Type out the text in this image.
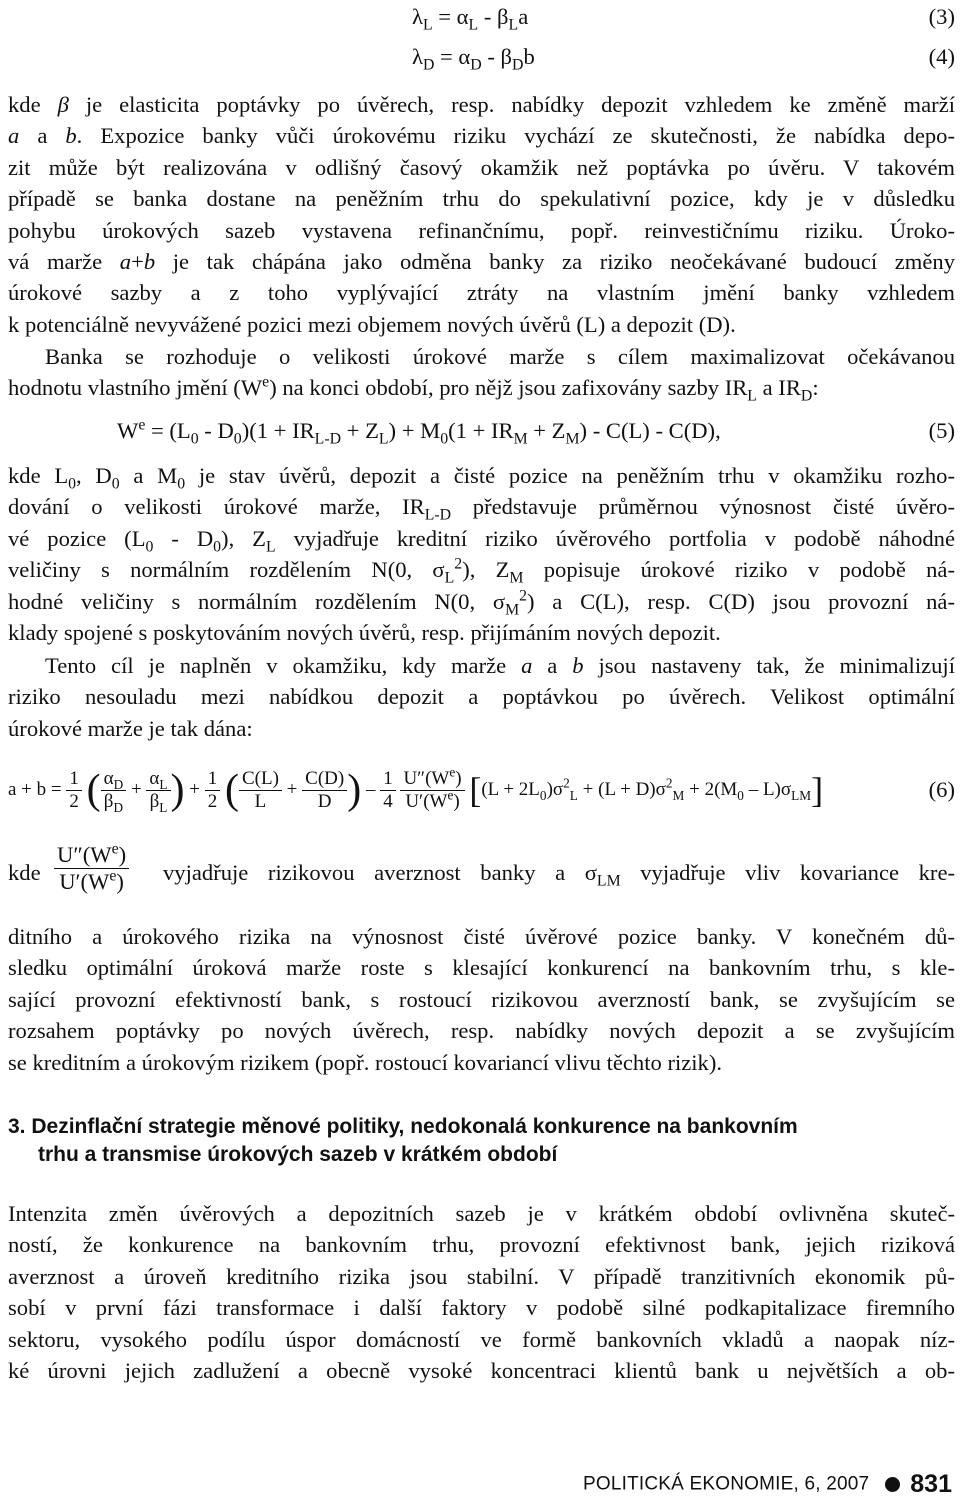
$\lambda_L = \alpha_L - \beta_La$	(3)
$\lambda_D = \alpha_D - \beta_Db$	(4)
kde β je elasticita poptávky po úvěrech, resp. nabídky depozit vzhledem ke změně marží
a a b. Expozice banky vůči úrokovému riziku vychází ze skutečnosti, že nabídka depo-
zit může být realizována v odlišný časový okamžik než poptávka po úvěru. V takovém
případě se banka dostane na peněžním trhu do spekulativní pozice, kdy je v důsledku
pohybu úrokových sazeb vystavena refinančnímu, popř. reinvestičnímu riziku. Úroko-
vá marže a+b je tak chápána jako odměna banky za riziko neočekávané budoucí změny
úrokové sazby a z toho vyplývající ztráty na vlastním jmění banky vzhledem
k potenciálně nevyvážené pozici mezi objemem nových úvěrů (L) a depozit (D).
Banka se rozhoduje o velikosti úrokové marže s cílem maximalizovat očekávanou
hodnotu vlastního jmění $(W^e)$ na konci období, pro nějž jsou zafixovány sazby $IR_L$ a $IR_D$:
$W^e = (L_0 - D_0)(1 + IR_{L-D} + Z_L) + M_0(1 + IR_M + Z_M) - C(L) - C(D)$,	(5)
kde $L_0$, $D_0$ a $M_0$ je stav úvěrů, depozit a čisté pozice na peněžním trhu v okamžiku rozho-
dování o velikosti úrokové marže, $IR_{L-D}$ představuje průměrnou výnosnost čisté úvěro-
vé pozice $(L_0 - D_0)$, $Z_L$ vyjadřuje kreditní riziko úvěrového portfolia v podobě náhodné
veličiny s normálním rozdělením N(0, $\sigma_L^2$), $Z_M$ popisuje úrokové riziko v podobě ná-
hodné veličiny s normálním rozdělením N(0, $\sigma_M^2$) a C(L), resp. C(D) jsou provozní ná-
klady spojené s poskytováním nových úvěrů, resp. přijímáním nových depozit.
Tento cíl je naplněn v okamžiku, kdy marže a a b jsou nastaveny tak, že minimalizují
riziko nesouladu mezi nabídkou depozit a poptávkou po úvěrech. Velikost optimální
úrokové marže je tak dána:
$a + b = \frac{1}{2}$ ( $\frac{\alpha_D}{\beta_D} + \frac{\alpha_L}{\beta_L}$ ) + $\frac{1}{2}$ ( $\frac{C(L)}{L} + \frac{C(D)}{D}$ ) – $\frac{1}{4}$
$\frac{U''(W^e)}{U'(W^e)} [(L + 2L_0)\sigma^2_L + (L + D)\sigma^2_M + 2(M_0 - L)\sigma_{LM}]$	(6)
kde $\frac{U''(W^e)}{U'(W^e)}$ vyjadřuje rizikovou averznost banky a $\sigma_{LM}$ vyjadřuje vliv kovariance kre-
ditního a úrokového rizika na výnosnost čisté úvěrové pozice banky. V konečném dů-
sledku optimální úroková marže roste s klesající konkurencí na bankovním trhu, s kle-
sající provozní efektivností bank, s rostoucí rizikovou averzností bank, se zvyšujícím se
rozsahem poptávky po nových úvěrech, resp. nabídky nových depozit a se zvyšujícím
se kreditním a úrokovým rizikem (popř. rostoucí kovariancí vlivu těchto rizik).
3. Dezinflační strategie měnové politiky, nedokonalá konkurence na bankovním
trhu a transmise úrokových sazeb v krátkém období
Intenzita změn úvěrových a depozitních sazeb je v krátkém období ovlivněna skuteč-
ností, že konkurence na bankovním trhu, provozní efektivnost bank, jejich riziková
averznost a úroveň kreditního rizika jsou stabilní. V případě tranzitivních ekonomik pů-
sobí v první fázi transformace i další faktory v podobě silné podkapitalizace firemního
sektoru, vysokého podílu úspor domácností ve formě bankovních vkladů a naopak níz-
ké úrovni jejich zadlužení a obecně vysoké koncentraci klientů bank u největších a ob-
POLITICKÁ EKONOMIE, 6, 2007 831
